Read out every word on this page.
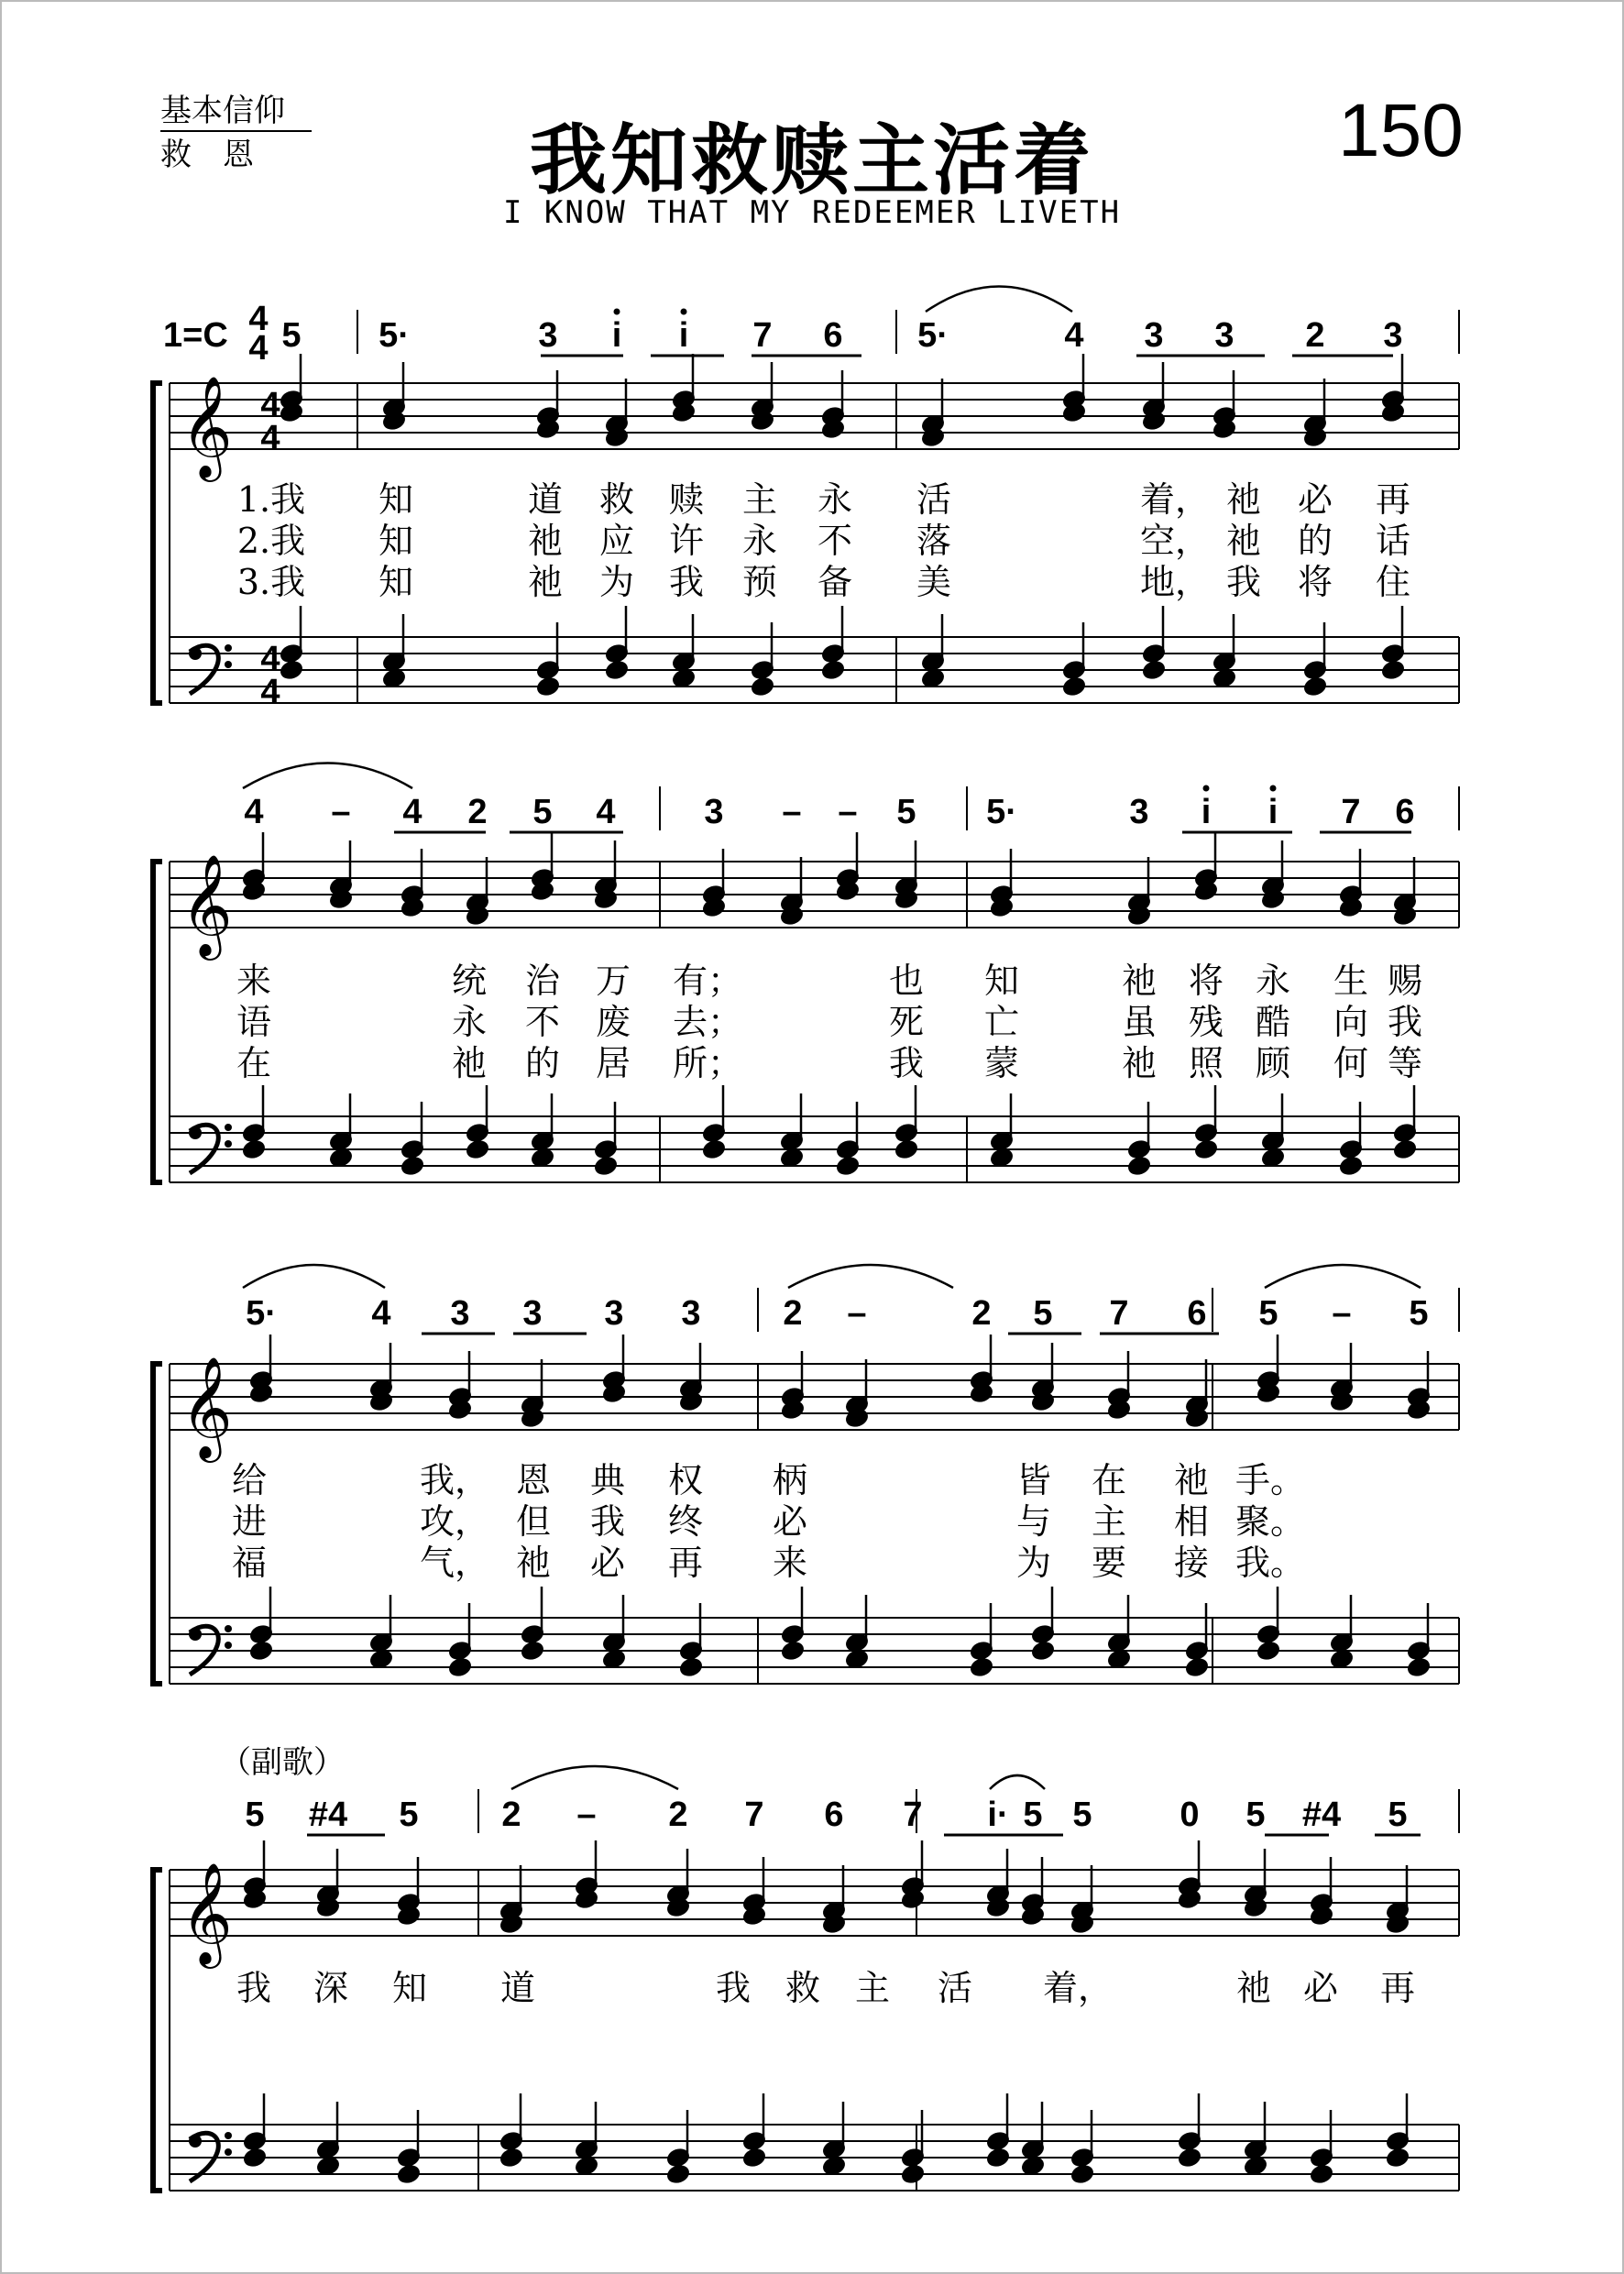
基本信仰
救　恩	我知救赎主活着	150
I KNOW THAT MY REDEEMER LIVETH
（副歌）
𝄞 4
4
4
4
5 5·	3 i i 7 6 5·	4 3 3 2 3
1.我 知	道 救 赎 主 永 活	着， 祂 必 再
2.我 知	祂 应 许 永 不 落	空， 祂 的 话
3.我 知	祂 为 我 预 备 美	地， 我 将 住
𝄞
4 – 4 2 5 4	3 – – 5 5·	3 i i 7 6
来	统 治 万 有；	也 知	祂 将 永 生 赐
语	永 不 废 去；	死 亡	虽 残 酷 向 我
在	祂 的 居 所；	我 蒙	祂 照 顾 何 等
𝄞
5·	4 3 3 3 3 2 –	2 5 7 6 5 – 5
给	我， 恩 典 权 柄	皆 在 祂 手。
进	攻， 但 我 终 必	与 主 相 聚。
福	气， 祂 必 再 来	为 要 接 我。
𝄞
5 #4 5 2 – 2 7 6 7 i· 5 5	0 5 #4 5
我 深 知 道	我 救 主 活 着，	祂 必 再
1=C 4
4
